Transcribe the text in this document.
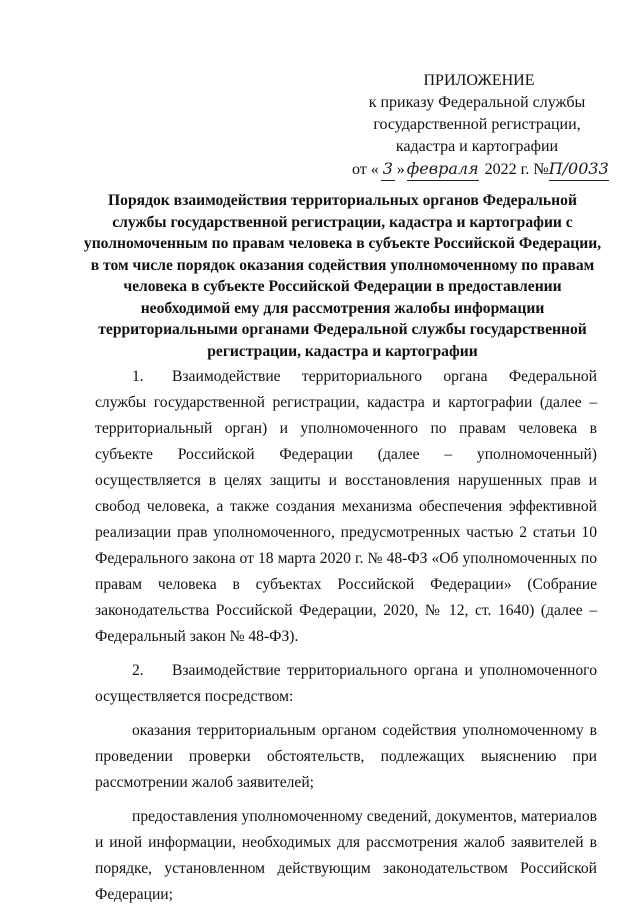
ПРИЛОЖЕНИЕ
к приказу Федеральной службы
государственной регистрации,
кадастра и картографии
от « 3 » февраля 2022 г. №П/0033
Порядок взаимодействия территориальных органов Федеральной службы государственной регистрации, кадастра и картографии с уполномоченным по правам человека в субъекте Российской Федерации, в том числе порядок оказания содействия уполномоченному по правам человека в субъекте Российской Федерации в предоставлении необходимой ему для рассмотрения жалобы информации территориальными органами Федеральной службы государственной регистрации, кадастра и картографии

1. Взаимодействие территориального органа Федеральной службы государственной регистрации, кадастра и картографии (далее – территориальный орган) и уполномоченного по правам человека в субъекте Российской Федерации (далее – уполномоченный) осуществляется в целях защиты и восстановления нарушенных прав и свобод человека, а также создания механизма обеспечения эффективной реализации прав уполномоченного, предусмотренных частью 2 статьи 10 Федерального закона от 18 марта 2020 г. № 48-ФЗ «Об уполномоченных по правам человека в субъектах Российской Федерации» (Собрание законодательства Российской Федерации, 2020, № 12, ст. 1640) (далее – Федеральный закон № 48-ФЗ).

2. Взаимодействие территориального органа и уполномоченного осуществляется посредством:

оказания территориальным органом содействия уполномоченному в проведении проверки обстоятельств, подлежащих выяснению при рассмотрении жалоб заявителей;

предоставления уполномоченному сведений, документов, материалов и иной информации, необходимых для рассмотрения жалоб заявителей в порядке, установленном действующим законодательством Российской Федерации;
